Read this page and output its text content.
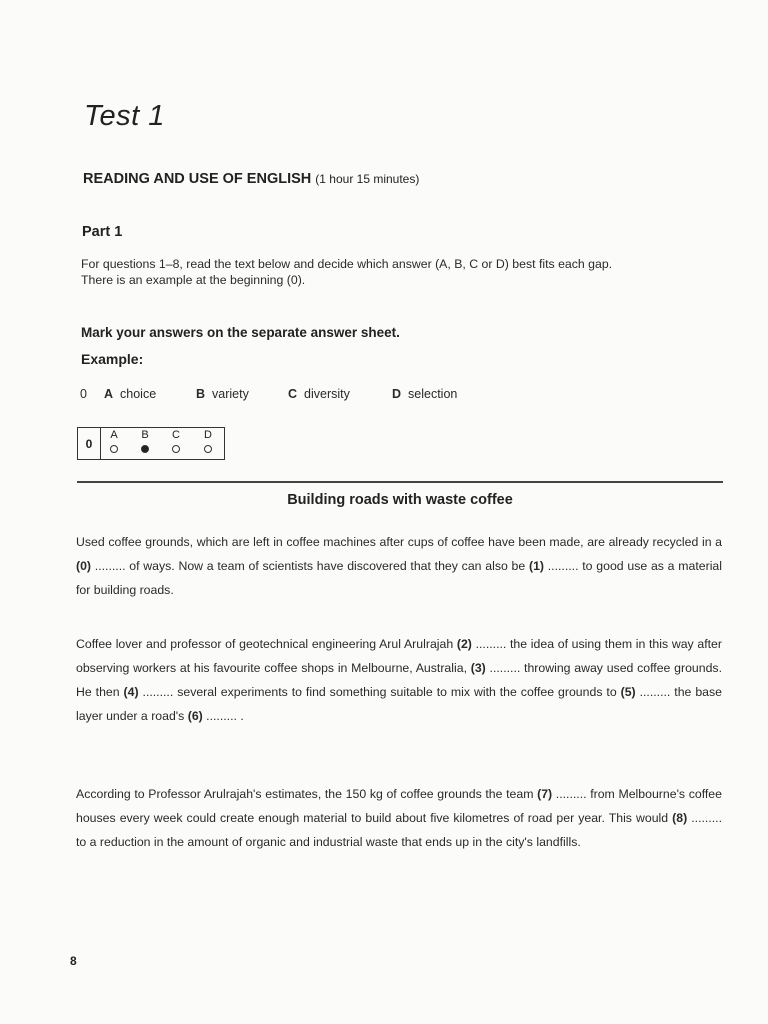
Test 1
READING AND USE OF ENGLISH (1 hour 15 minutes)
Part 1

For questions 1–8, read the text below and decide which answer (A, B, C or D) best fits each gap.

There is an example at the beginning (0).

Mark your answers on the separate answer sheet.
Example:
0 A choice	B variety	C diversity	D selection
0
A	B	C	D
Building roads with waste coffee

Used coffee grounds, which are left in coffee machines after cups of coffee have been made, are already recycled in a (0) ......... of ways. Now a team of scientists have discovered that they can also be (1) ......... to good use as a material for building roads.

Coffee lover and professor of geotechnical engineering Arul Arulrajah (2) ......... the idea of using them in this way after observing workers at his favourite coffee shops in Melbourne, Australia, (3) ......... throwing away used coffee grounds. He then (4) ......... several experiments to find something suitable to mix with the coffee grounds to (5) ......... the base layer under a road's (6) ......... .

According to Professor Arulrajah's estimates, the 150 kg of coffee grounds the team (7) ......... from Melbourne's coffee houses every week could create enough material to build about five kilometres of road per year. This would (8) ......... to a reduction in the amount of organic and industrial waste that ends up in the city's landfills.

8
